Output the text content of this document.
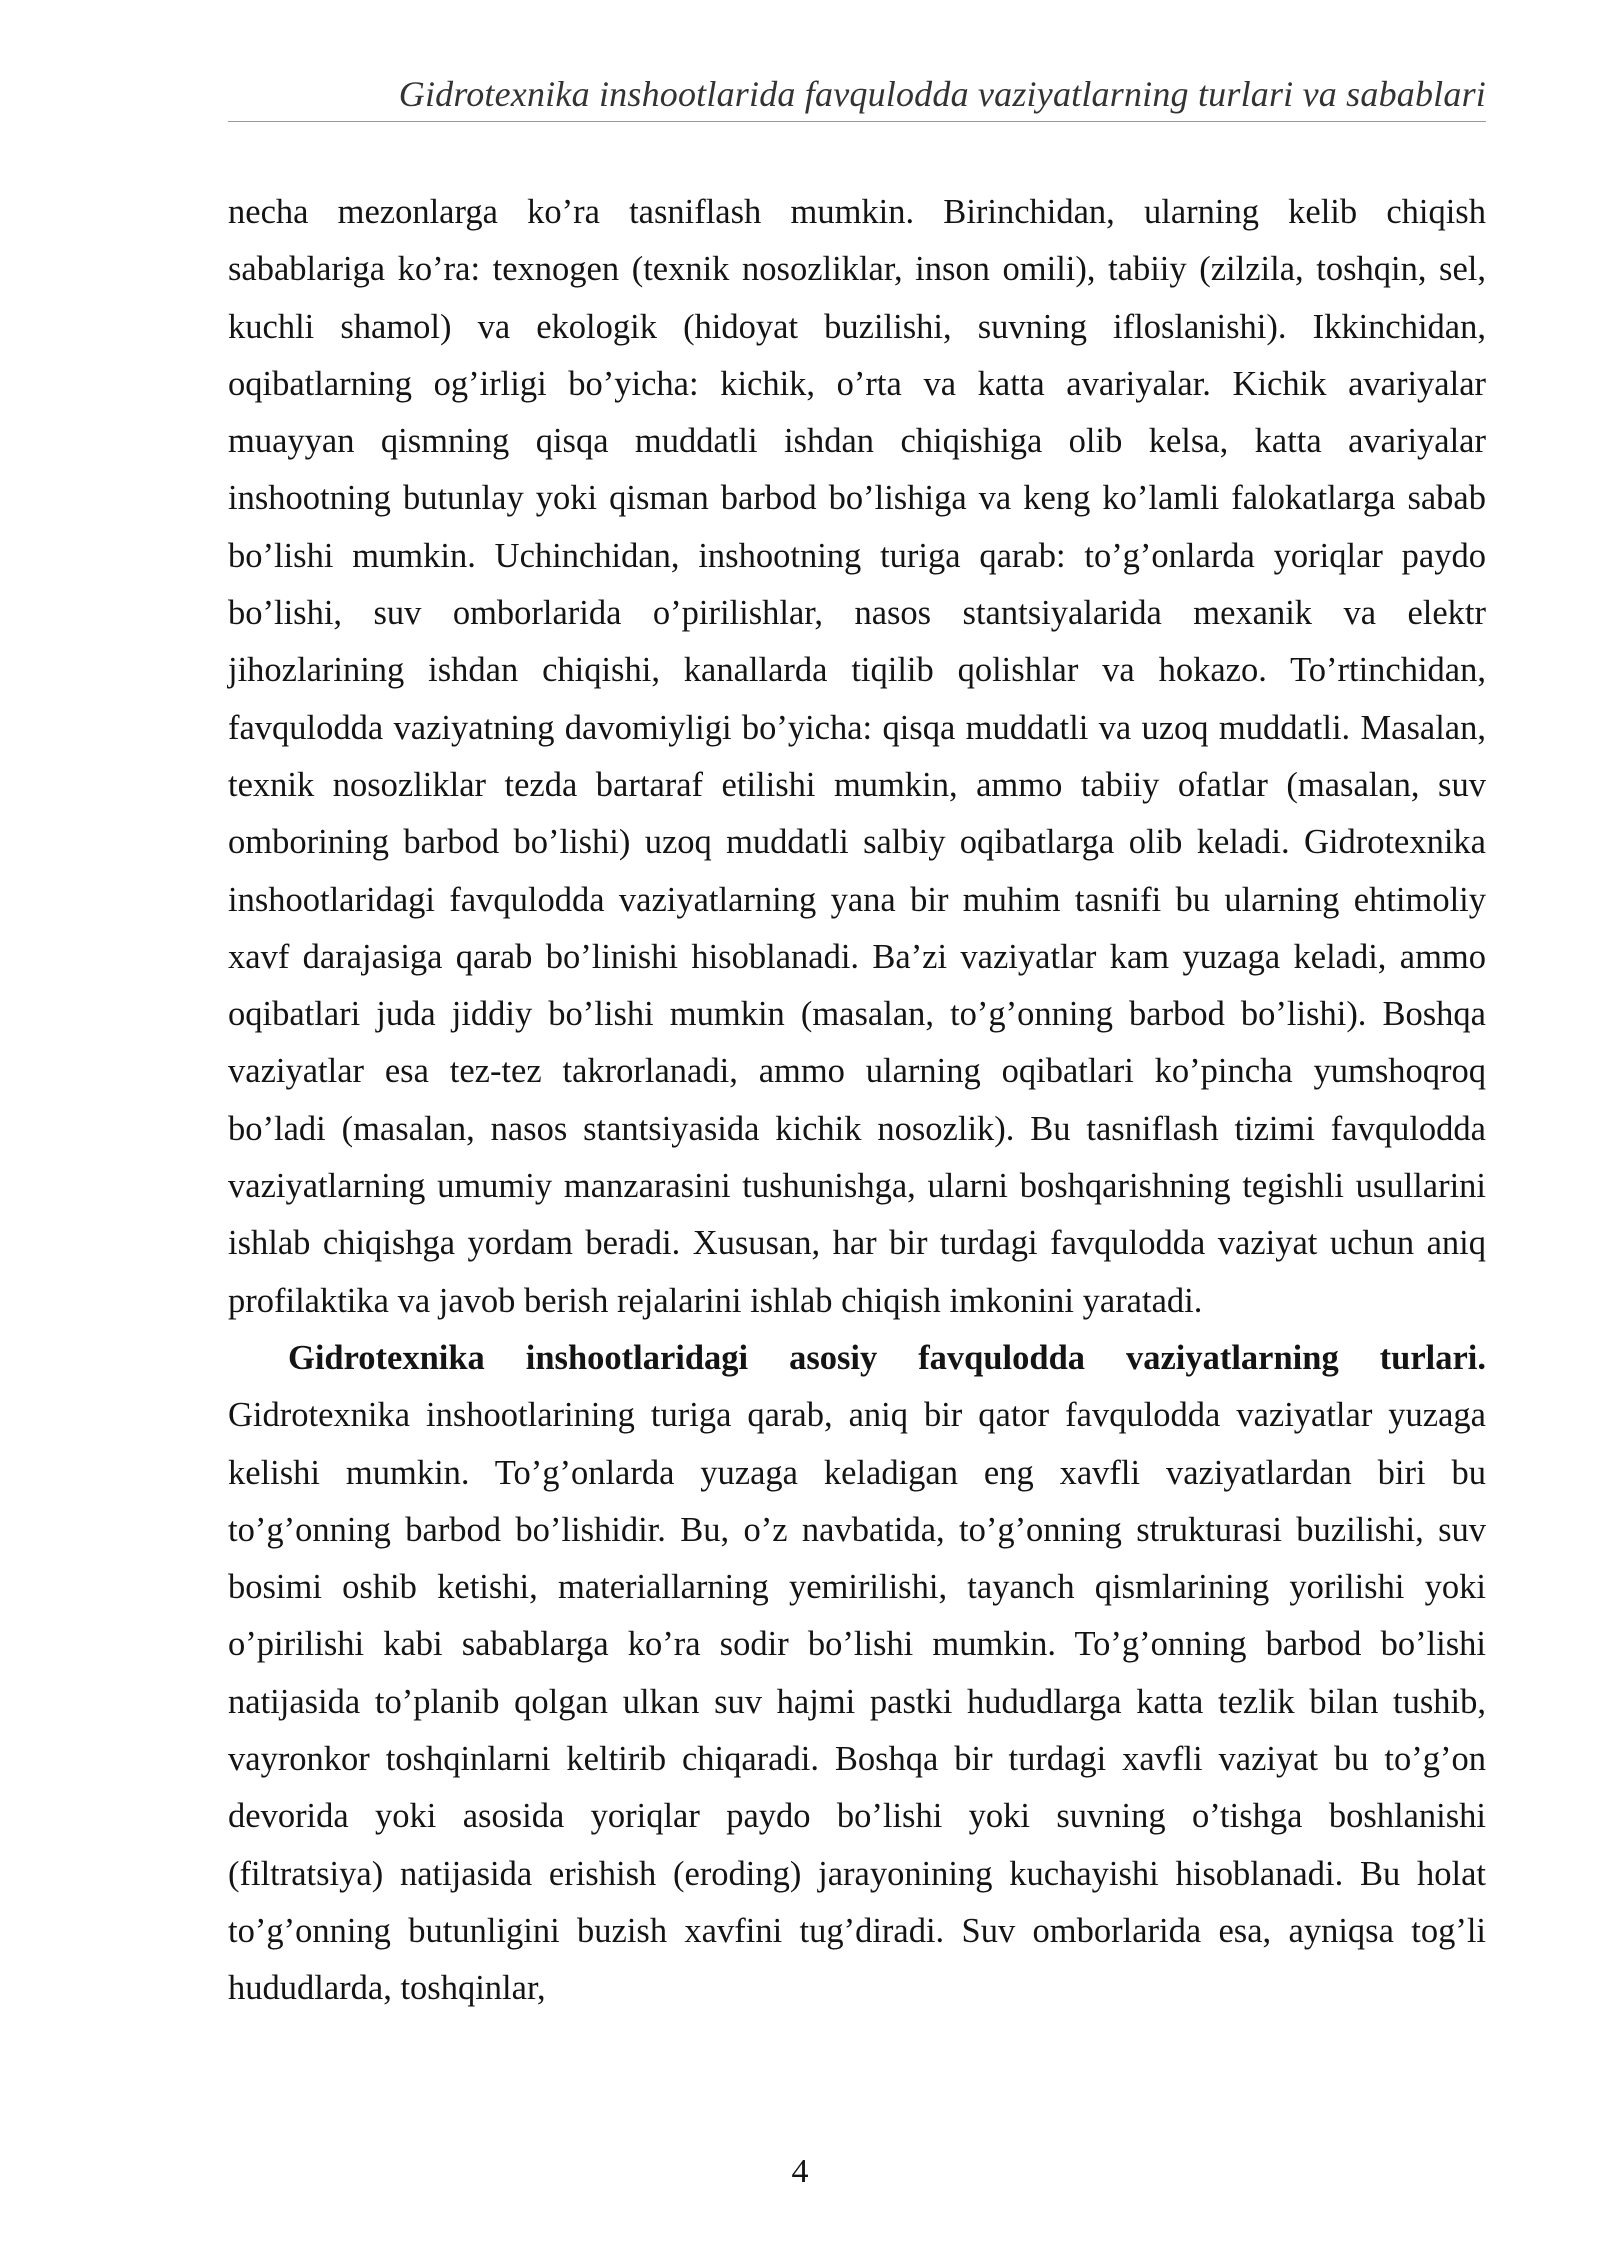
Gidrotexnika inshootlarida favqulodda vaziyatlarning turlari va sabablari

necha mezonlarga ko’ra tasniflash mumkin. Birinchidan, ularning kelib chiqish sabablariga ko’ra: texnogen (texnik nosozliklar, inson omili), tabiiy (zilzila, toshqin, sel, kuchli shamol) va ekologik (hidoyat buzilishi, suvning ifloslanishi). Ikkinchidan, oqibatlarning og’irligi bo’yicha: kichik, o’rta va katta avariyalar. Kichik avariyalar muayyan qismning qisqa muddatli ishdan chiqishiga olib kelsa, katta avariyalar inshootning butunlay yoki qisman barbod bo’lishiga va keng ko’lamli falokatlarga sabab bo’lishi mumkin. Uchinchidan, inshootning turiga qarab: to’g’onlarda yoriqlar paydo bo’lishi, suv omborlarida o’pirilishlar, nasos stantsiyalarida mexanik va elektr jihozlarining ishdan chiqishi, kanallarda tiqilib qolishlar va hokazo. To’rtinchidan, favqulodda vaziyatning davomiyligi bo’yicha: qisqa muddatli va uzoq muddatli. Masalan, texnik nosozliklar tezda bartaraf etilishi mumkin, ammo tabiiy ofatlar (masalan, suv omborining barbod bo’lishi) uzoq muddatli salbiy oqibatlarga olib keladi. Gidrotexnika inshootlaridagi favqulodda vaziyatlarning yana bir muhim tasnifi bu ularning ehtimoliy xavf darajasiga qarab bo’linishi hisoblanadi. Ba’zi vaziyatlar kam yuzaga keladi, ammo oqibatlari juda jiddiy bo’lishi mumkin (masalan, to’g’onning barbod bo’lishi). Boshqa vaziyatlar esa tez-tez takrorlanadi, ammo ularning oqibatlari ko’pincha yumshoqroq bo’ladi (masalan, nasos stantsiyasida kichik nosozlik). Bu tasniflash tizimi favqulodda vaziyatlarning umumiy manzarasini tushunishga, ularni boshqarishning tegishli usullarini ishlab chiqishga yordam beradi. Xususan, har bir turdagi favqulodda vaziyat uchun aniq profilaktika va javob berish rejalarini ishlab chiqish imkonini yaratadi.

Gidrotexnika inshootlaridagi asosiy favqulodda vaziyatlarning turlari. Gidrotexnika inshootlarining turiga qarab, aniq bir qator favqulodda vaziyatlar yuzaga kelishi mumkin. To’g’onlarda yuzaga keladigan eng xavfli vaziyatlardan biri bu to’g’onning barbod bo’lishidir. Bu, o’z navbatida, to’g’onning strukturasi buzilishi, suv bosimi oshib ketishi, materiallarning yemirilishi, tayanch qismlarining yorilishi yoki o’pirilishi kabi sabablarga ko’ra sodir bo’lishi mumkin. To’g’onning barbod bo’lishi natijasida to’planib qolgan ulkan suv hajmi pastki hududlarga katta tezlik bilan tushib, vayronkor toshqinlarni keltirib chiqaradi. Boshqa bir turdagi xavfli vaziyat bu to’g’on devorida yoki asosida yoriqlar paydo bo’lishi yoki suvning o’tishga boshlanishi (filtratsiya) natijasida erishish (eroding) jarayonining kuchayishi hisoblanadi. Bu holat to’g’onning butunligini buzish xavfini tug’diradi. Suv omborlarida esa, ayniqsa tog’li hududlarda, toshqinlar,

4
